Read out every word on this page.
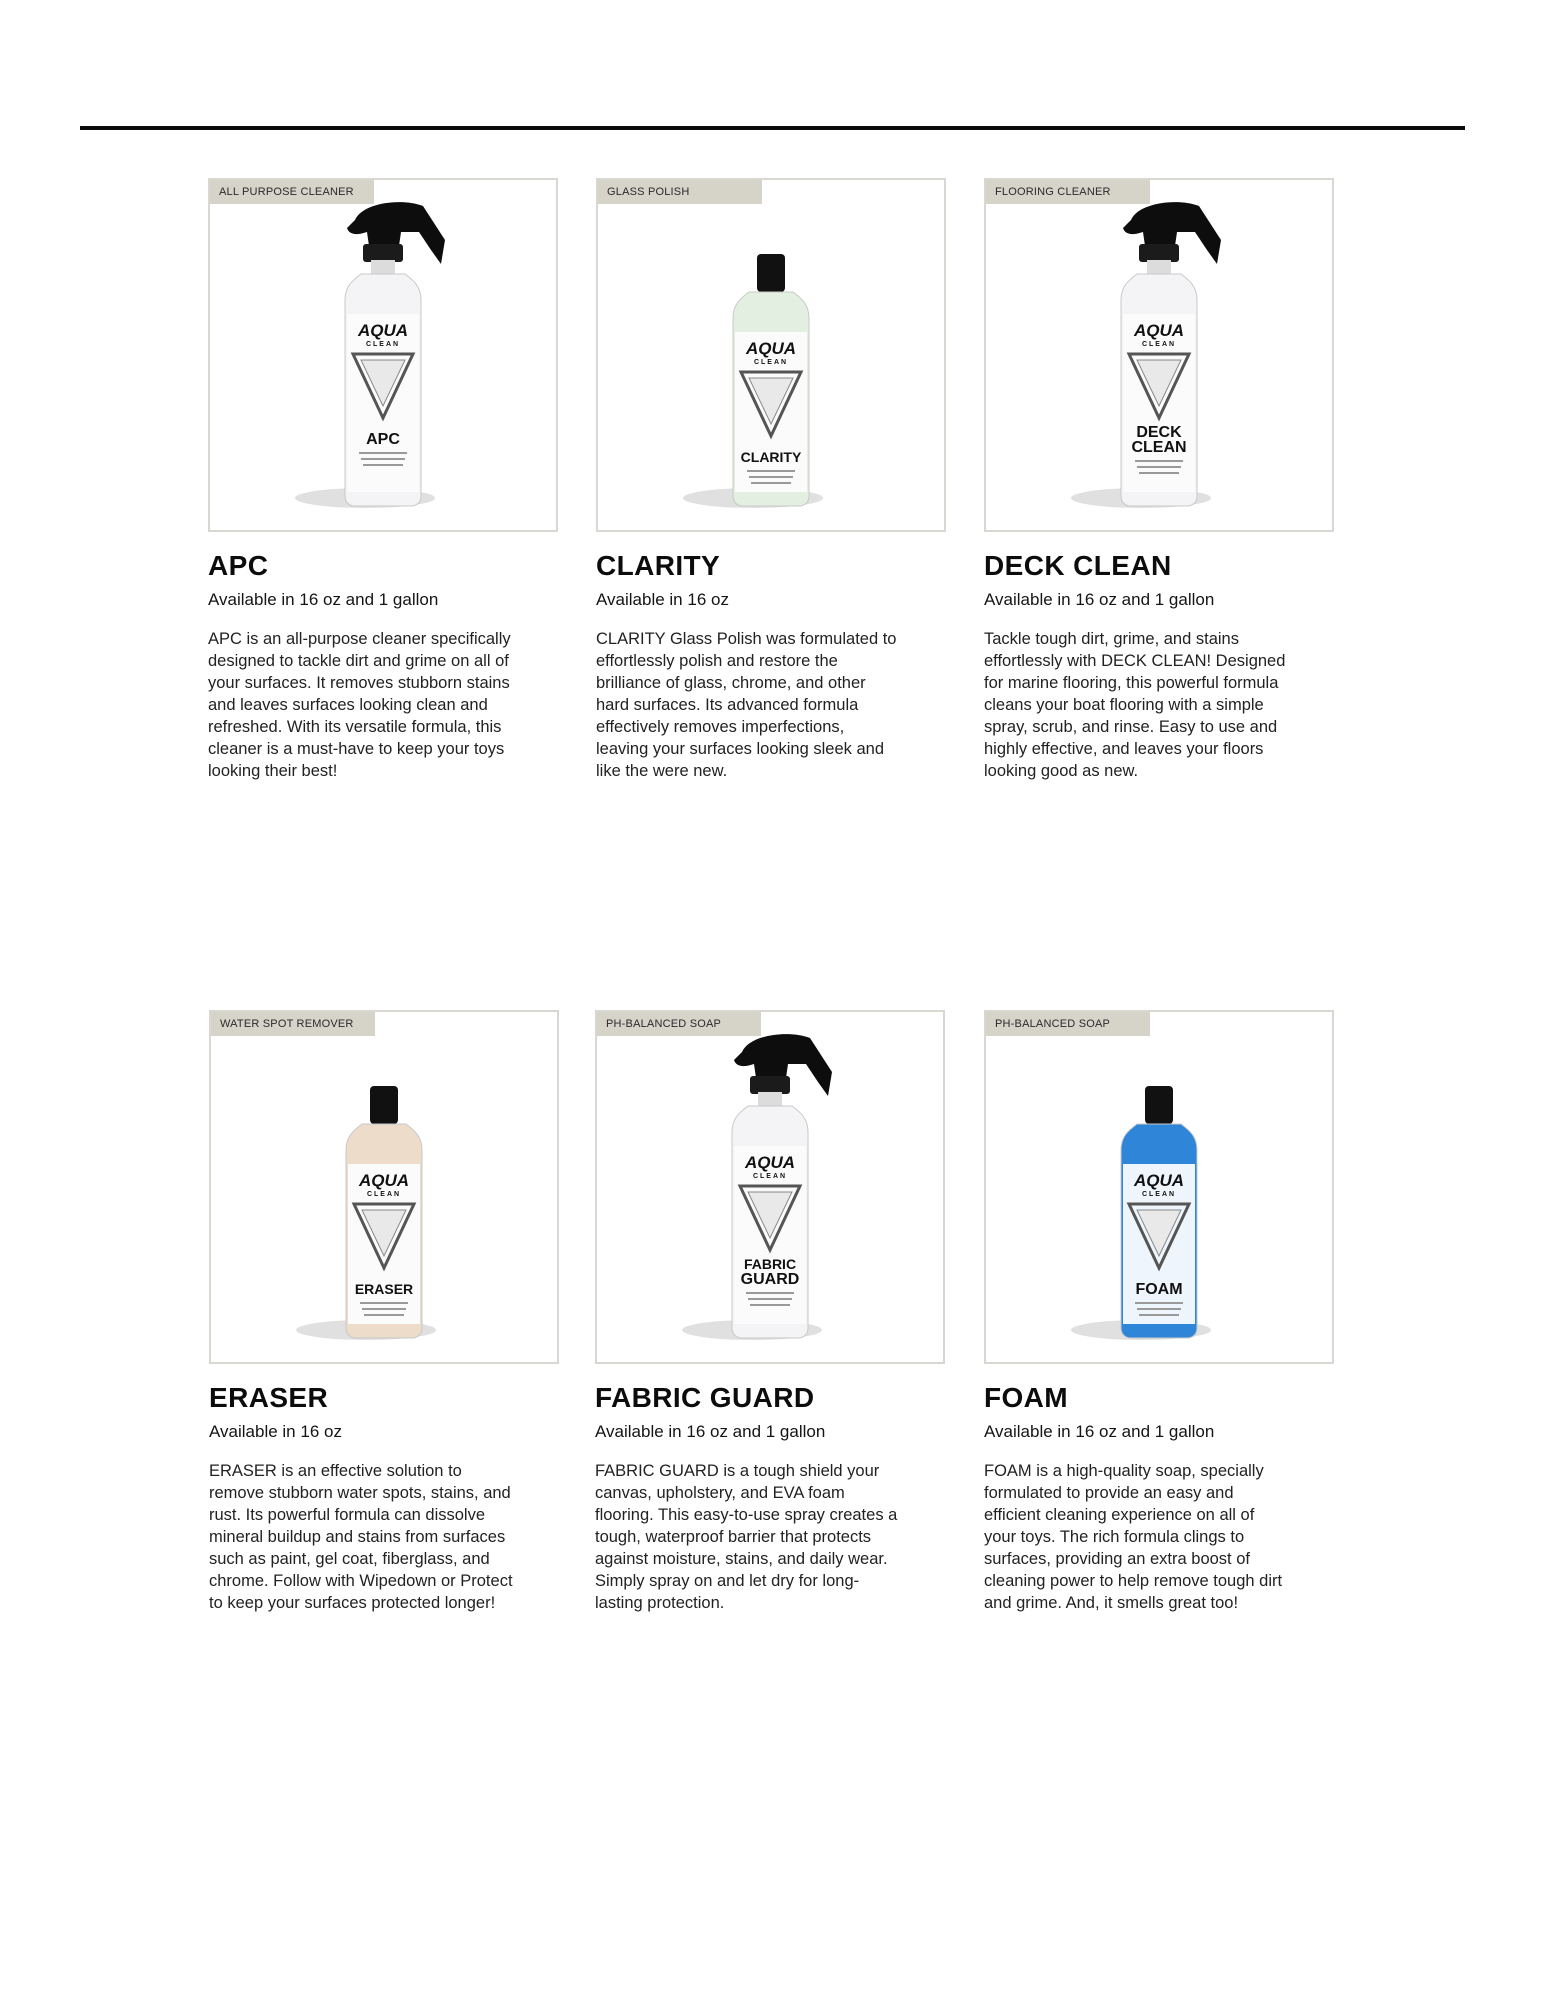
AQUA
CLEAN
APC
ALL PURPOSE CLEANER
APC
Available in 16 oz and 1 gallon
APC is an all-purpose cleaner specifically designed to tackle dirt and grime on all of your surfaces. It removes stubborn stains and leaves surfaces looking clean and refreshed. With its versatile formula, this cleaner is a must-have to keep your toys looking their best!
AQUA
CLEAN
CLARITY
GLASS POLISH
CLARITY
Available in 16 oz
CLARITY Glass Polish was formulated to effortlessly polish and restore the brilliance of glass, chrome, and other hard surfaces. Its advanced formula effectively removes imperfections, leaving your surfaces looking sleek and like the were new.
AQUA
CLEAN
DECK
CLEAN
FLOORING CLEANER
DECK CLEAN
Available in 16 oz and 1 gallon
Tackle tough dirt, grime, and stains effortlessly with DECK CLEAN! Designed for marine flooring, this powerful formula cleans your boat flooring with a simple spray, scrub, and rinse. Easy to use and highly effective, and leaves your floors looking good as new.
AQUA
CLEAN
ERASER
WATER SPOT REMOVER
ERASER
Available in 16 oz
ERASER is an effective solution to remove stubborn water spots, stains, and rust. Its powerful formula can dissolve mineral buildup and stains from surfaces such as paint, gel coat, fiberglass, and chrome. Follow with Wipedown or Protect to keep your surfaces protected longer!
AQUA
CLEAN
FABRIC
GUARD
PH-BALANCED SOAP
FABRIC GUARD
Available in 16 oz and 1 gallon
FABRIC GUARD is a tough shield your canvas, upholstery, and EVA foam flooring. This easy-to-use spray creates a tough, waterproof barrier that protects against moisture, stains, and daily wear. Simply spray on and let dry for long-lasting protection.
AQUA
CLEAN
FOAM
PH-BALANCED SOAP
FOAM
Available in 16 oz and 1 gallon
FOAM is a high-quality soap, specially formulated to provide an easy and efficient cleaning experience on all of your toys. The rich formula clings to surfaces, providing an extra boost of cleaning power to help remove tough dirt and grime. And, it smells great too!
